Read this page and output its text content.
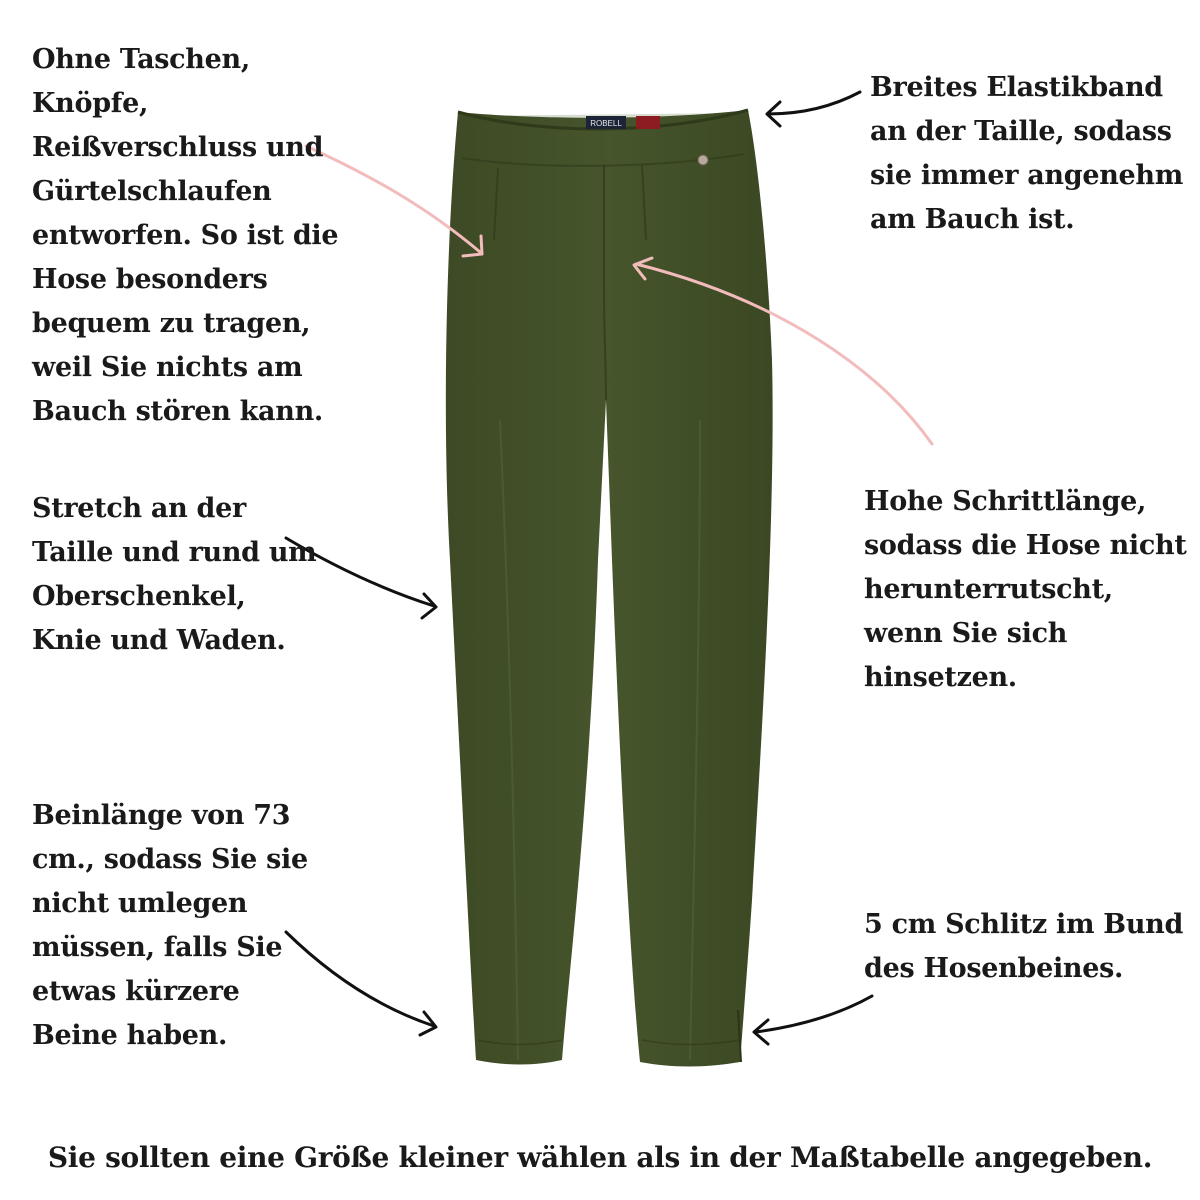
ROBELL

Ohne Taschen, Knöpfe, Reißverschluss und Gürtelschlaufen entworfen. So ist die Hose besonders bequem zu tragen, weil Sie nichts am Bauch stören kann.

Breites Elastikband an der Taille, sodass sie immer angenehm am Bauch ist.

Stretch an der Taille und rund um Oberschenkel, Knie und Waden.

Hohe Schrittlänge, sodass die Hose nicht herunterrutscht, wenn Sie sich hinsetzen.

Beinlänge von 73 cm., sodass Sie sie nicht umlegen müssen, falls Sie etwas kürzere Beine haben.

5 cm Schlitz im Bund des Hosenbeines.

Sie sollten eine Größe kleiner wählen als in der Maßtabelle angegeben.
